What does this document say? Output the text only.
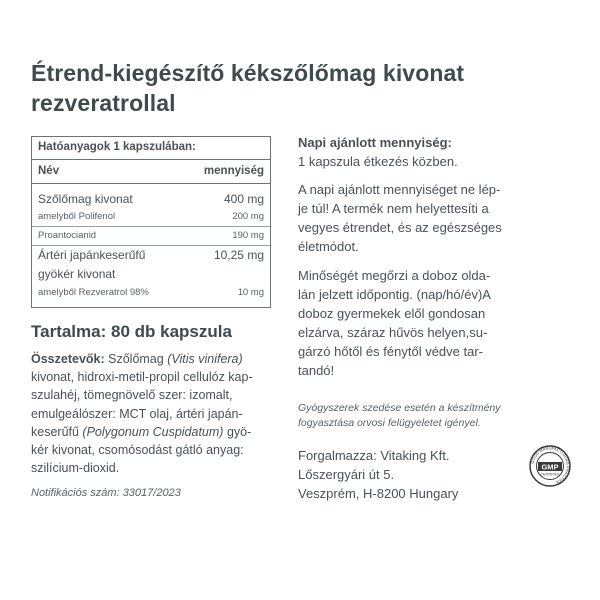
Étrend-kiegészítő kékszőlőmag kivonat
rezveratrollal
Hatóanyagok 1 kapszulában:
Név	mennyiség
Szőlőmag kivonat	400 mg
amelyből Polifenol	200 mg
Proantocianid	190 mg
Ártéri japánkeserűfű	10,25 mg
gyökér kivonat
amelyből Rezveratrol 98%	10 mg
Tartalma: 80 db kapszula
Összetevők: Szőlőmag (Vitis vinifera)
kivonat, hidroxi-metil-propil cellulóz kap-
szulahéj, tömegnövelő szer: izomalt,
emulgeálószer: MCT olaj, ártéri japán-
keserűfű (Polygonum Cuspidatum) gyö-
kér kivonat, csomósodást gátló anyag:
szilícium-dioxid.
Notifikációs szám: 33017/2023
Napi ajánlott mennyiség:
1 kapszula étkezés közben.
A napi ajánlott mennyiséget ne lép-
je túl! A termék nem helyettesíti a
vegyes étrendet, és az egészséges
életmódot.
Minőségét megőrzi a doboz olda-
lán jelzett időpontig. (nap/hó/év)A
doboz gyermekek elől gondosan
elzárva, száraz hűvös helyen,su-
gárzó hőtől és fénytől védve tar-
tandó!
Gyógyszerek szedése esetén a készítmény
fogyasztása orvosi felügyeletet igényel.
Forgalmazza: Vitaking Kft.
Lőszergyári út 5.
Veszprém, H-8200 Hungary
GOOD MANUFACTURING PRACTICE
GMP
CERTIFIED
